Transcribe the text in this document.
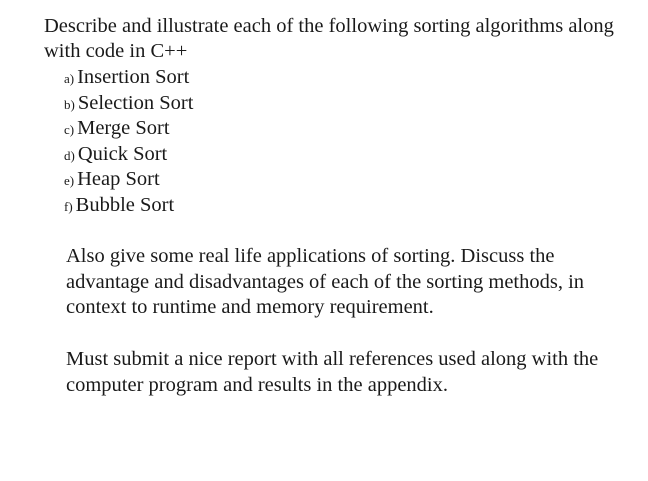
Describe and illustrate each of the following sorting algorithms along with code in C++

a) Insertion Sort
b) Selection Sort
c) Merge Sort
d) Quick Sort
e) Heap Sort
f) Bubble Sort

Also give some real life applications of sorting. Discuss the advantage and disadvantages of each of the sorting methods, in context to runtime and memory requirement.

Must submit a nice report with all references used along with the computer program and results in the appendix.
